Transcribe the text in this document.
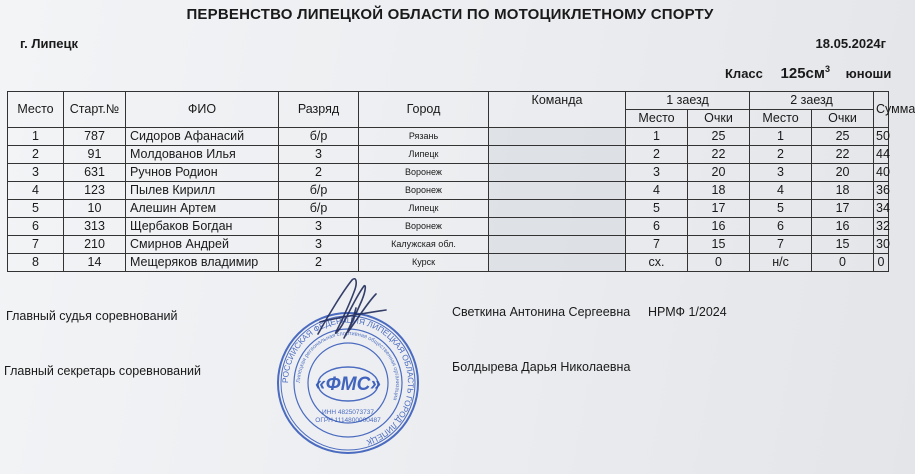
ПЕРВЕНСТВО ЛИПЕЦКОЙ ОБЛАСТИ ПО МОТОЦИКЛЕТНОМУ СПОРТУ
г. Липецк	18.05.2024г
Класс $125см^3$ юноши
Место	Старт.№	ФИО	Разряд	Город	Команда	1 заезд		2 заезд		Сумма
						Место	Очки	Место	Очки	
1	787	Сидоров Афанасий	б/р	Рязань		1	25	1	25	50
2	91	Молдованов Илья	3	Липецк		2	22	2	22	44
3	631	Ручнов Родион	2	Воронеж		3	20	3	20	40
4	123	Пылев Кирилл	б/р	Воронеж		4	18	4	18	36
5	10	Алешин Артем	б/р	Липецк		5	17	5	17	34
6	313	Щербаков Богдан	3	Воронеж		6	16	6	16	32
7	210	Смирнов Андрей	3	Калужская обл.		7	15	7	15	30
8	14	Мещеряков владимир	2	Курск		сх.	0	н/с	0	0
Главный судья соревнований	Светкина Антонина Сергеевна НРМФ 1/2024
Главный секретарь соревнований	Болдырева Дарья Николаевна
РОССИЙСКАЯ ФЕДЕРАЦИЯ ЛИПЕЦКАЯ ОБЛАСТЬ ГОРОД ЛИПЕЦК
Липецкая региональная спортивная общественная организация
«ФМС»
ИНН 4825073737
ОГРН 1114800000487
